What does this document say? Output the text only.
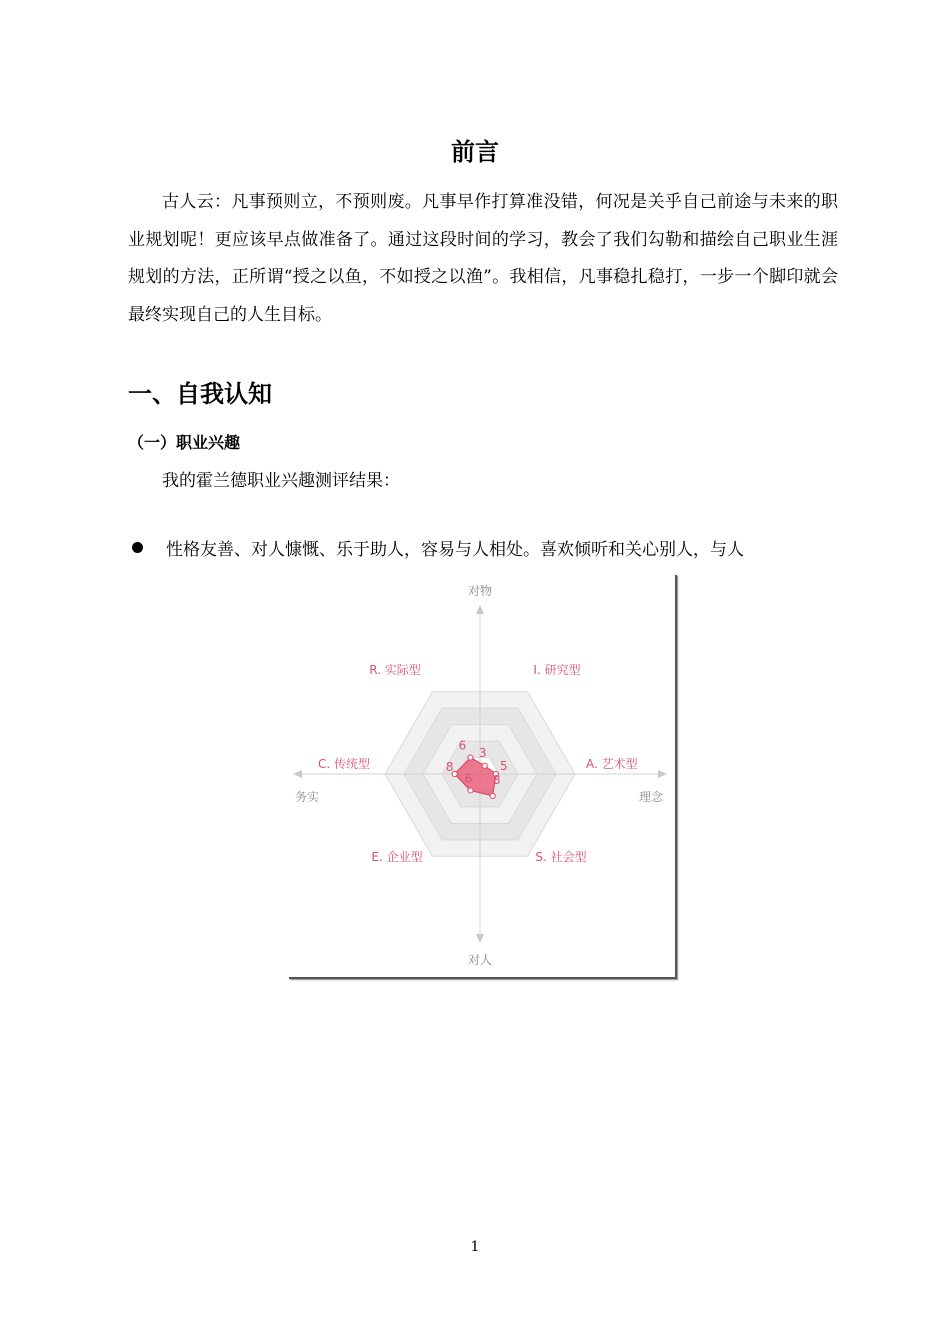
前言

古人云：凡事预则立，不预则废。凡事早作打算准没错，何况是关乎自己前途与未来的职业规划呢！更应该早点做准备了。通过这段时间的学习，教会了我们勾勒和描绘自己职业生涯规划的方法，正所谓“授之以鱼，不如授之以渔”。我相信，凡事稳扎稳打，一步一个脚印就会最终实现自己的人生目标。

一、自我认知
（一）职业兴趣
我的霍兰德职业兴趣测评结果：
性格友善、对人慷慨、乐于助人，容易与人相处。喜欢倾听和关心别人，与人
对物
对人
务实	理念
6
3
5
8
6
8
R. 实际型	I. 研究型
A. 艺术型
S. 社会型
E. 企业型
C. 传统型
1
